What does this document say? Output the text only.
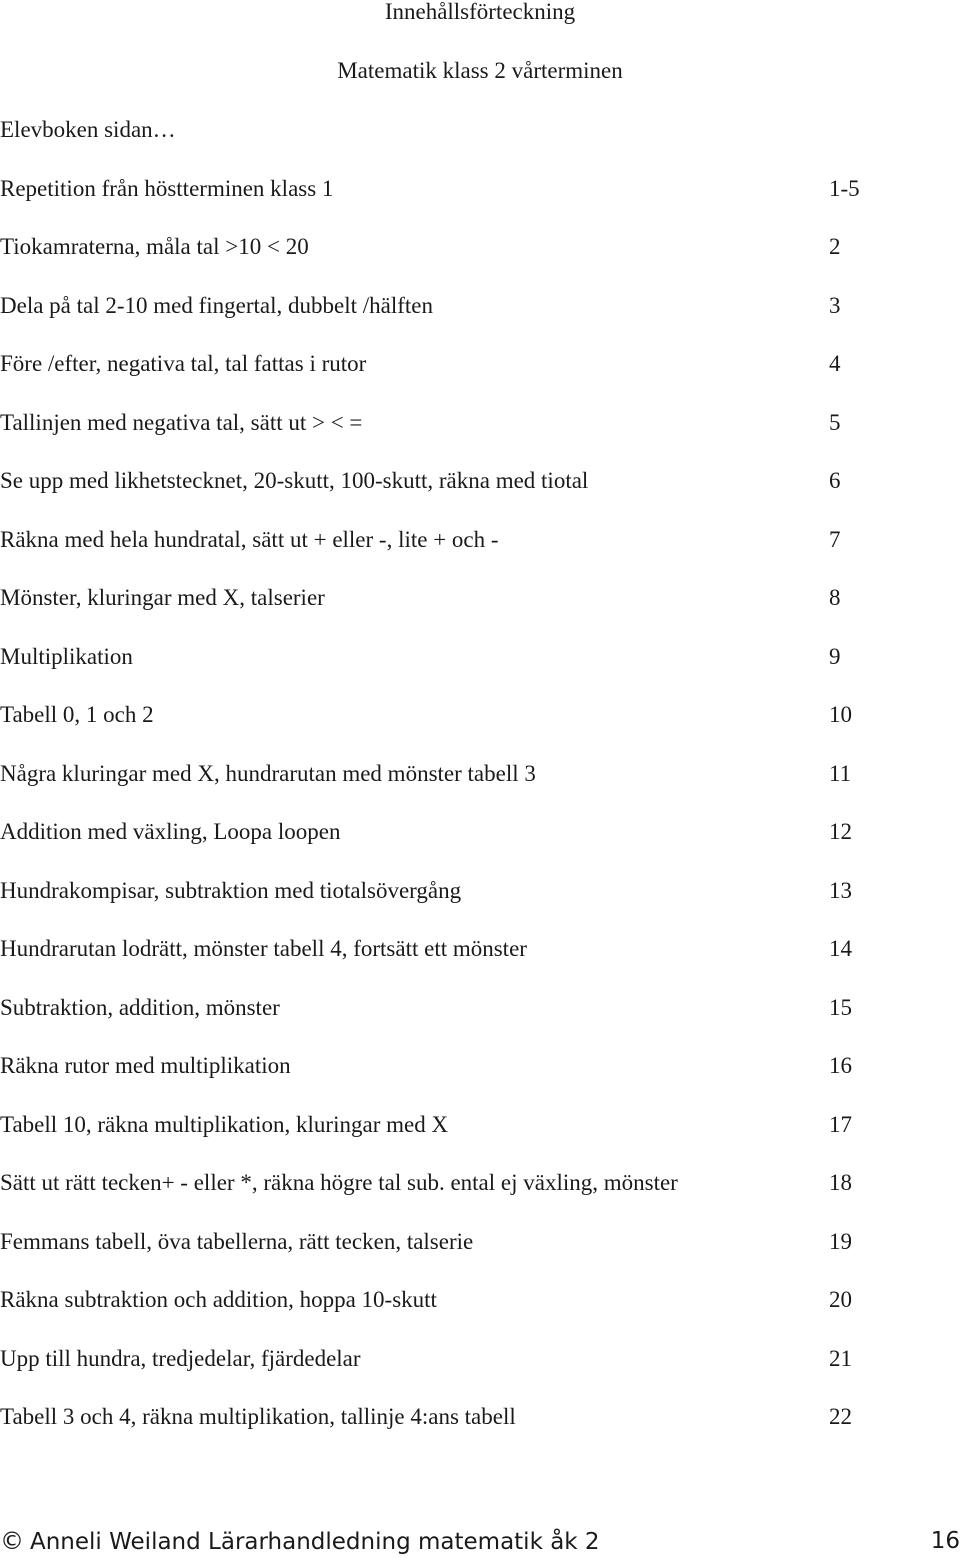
Innehållsförteckning
Matematik klass 2 vårterminen
Elevboken sidan…
Repetition från höstterminen klass 1	1-5
Tiokamraterna, måla tal >10 < 20	2
Dela på tal 2-10 med fingertal, dubbelt /hälften	3
Före /efter, negativa tal, tal fattas i rutor	4
Tallinjen med negativa tal, sätt ut > < =	5
Se upp med likhetstecknet, 20-skutt, 100-skutt, räkna med tiotal	6
Räkna med hela hundratal, sätt ut + eller -, lite + och -	7
Mönster, kluringar med X, talserier	8
Multiplikation	9
Tabell 0, 1 och 2	10
Några kluringar med X, hundrarutan med mönster tabell 3	11
Addition med växling, Loopa loopen	12
Hundrakompisar, subtraktion med tiotalsövergång	13
Hundrarutan lodrätt, mönster tabell 4, fortsätt ett mönster	14
Subtraktion, addition, mönster	15
Räkna rutor med multiplikation	16
Tabell 10, räkna multiplikation, kluringar med X	17
Sätt ut rätt tecken+ - eller *, räkna högre tal sub. ental ej växling, mönster	18
Femmans tabell, öva tabellerna, rätt tecken, talserie	19
Räkna subtraktion och addition, hoppa 10-skutt	20
Upp till hundra, tredjedelar, fjärdedelar	21
Tabell 3 och 4, räkna multiplikation, tallinje 4:ans tabell	22
© Anneli Weiland Lärarhandledning matematik åk 2	16
